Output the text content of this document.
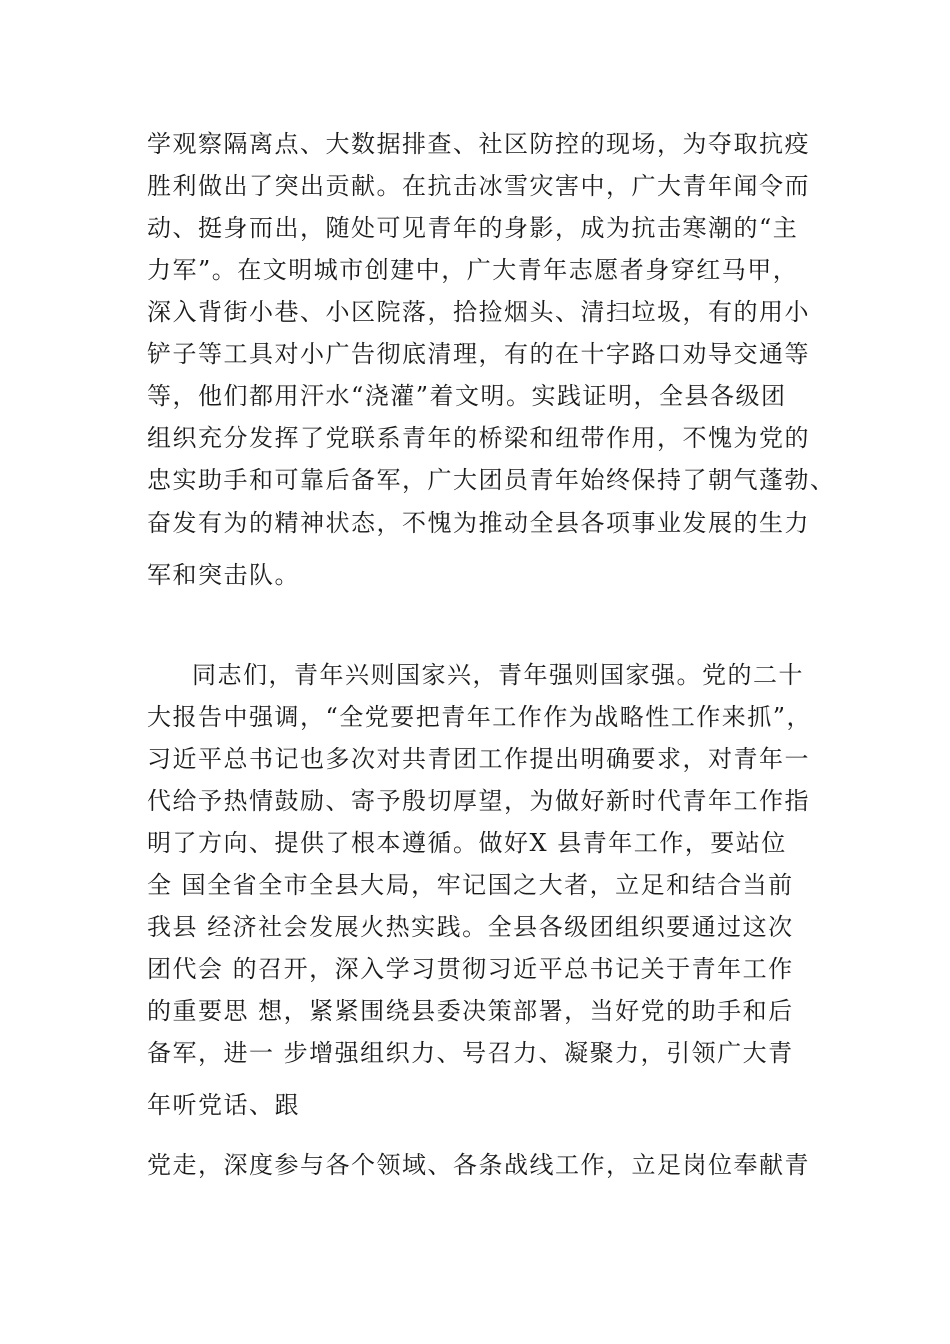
学观察隔离点、大数据排查、社区防控的现场，为夺取抗疫

胜利做出了突出贡献。在抗击冰雪灾害中，广大青年闻令而

动、挺身而出，随处可见青年的身影，成为抗击寒潮的“主

力军”。在文明城市创建中，广大青年志愿者身穿红马甲，

深入背街小巷、小区院落，拾捡烟头、清扫垃圾，有的用小

铲子等工具对小广告彻底清理，有的在十字路口劝导交通等

等，他们都用汗水“浇灌”着文明。实践证明，全县各级团

组织充分发挥了党联系青年的桥梁和纽带作用，不愧为党的

忠实助手和可靠后备军，广大团员青年始终保持了朝气蓬勃、

奋发有为的精神状态，不愧为推动全县各项事业发展的生力

军和突击队。

同志们，青年兴则国家兴，青年强则国家强。党的二十

大报告中强调，“全党要把青年工作作为战略性工作来抓”，

习近平总书记也多次对共青团工作提出明确要求，对青年一

代给予热情鼓励、寄予殷切厚望，为做好新时代青年工作指

明了方向、提供了根本遵循。做好X 县青年工作，要站位

全 国全省全市全县大局，牢记国之大者，立足和结合当前

我县 经济社会发展火热实践。全县各级团组织要通过这次

团代会 的召开，深入学习贯彻习近平总书记关于青年工作

的重要思 想，紧紧围绕县委决策部署，当好党的助手和后

备军，进一 步增强组织力、号召力、凝聚力，引领广大青

年听党话、跟

党走，深度参与各个领域、各条战线工作，立足岗位奉献青
